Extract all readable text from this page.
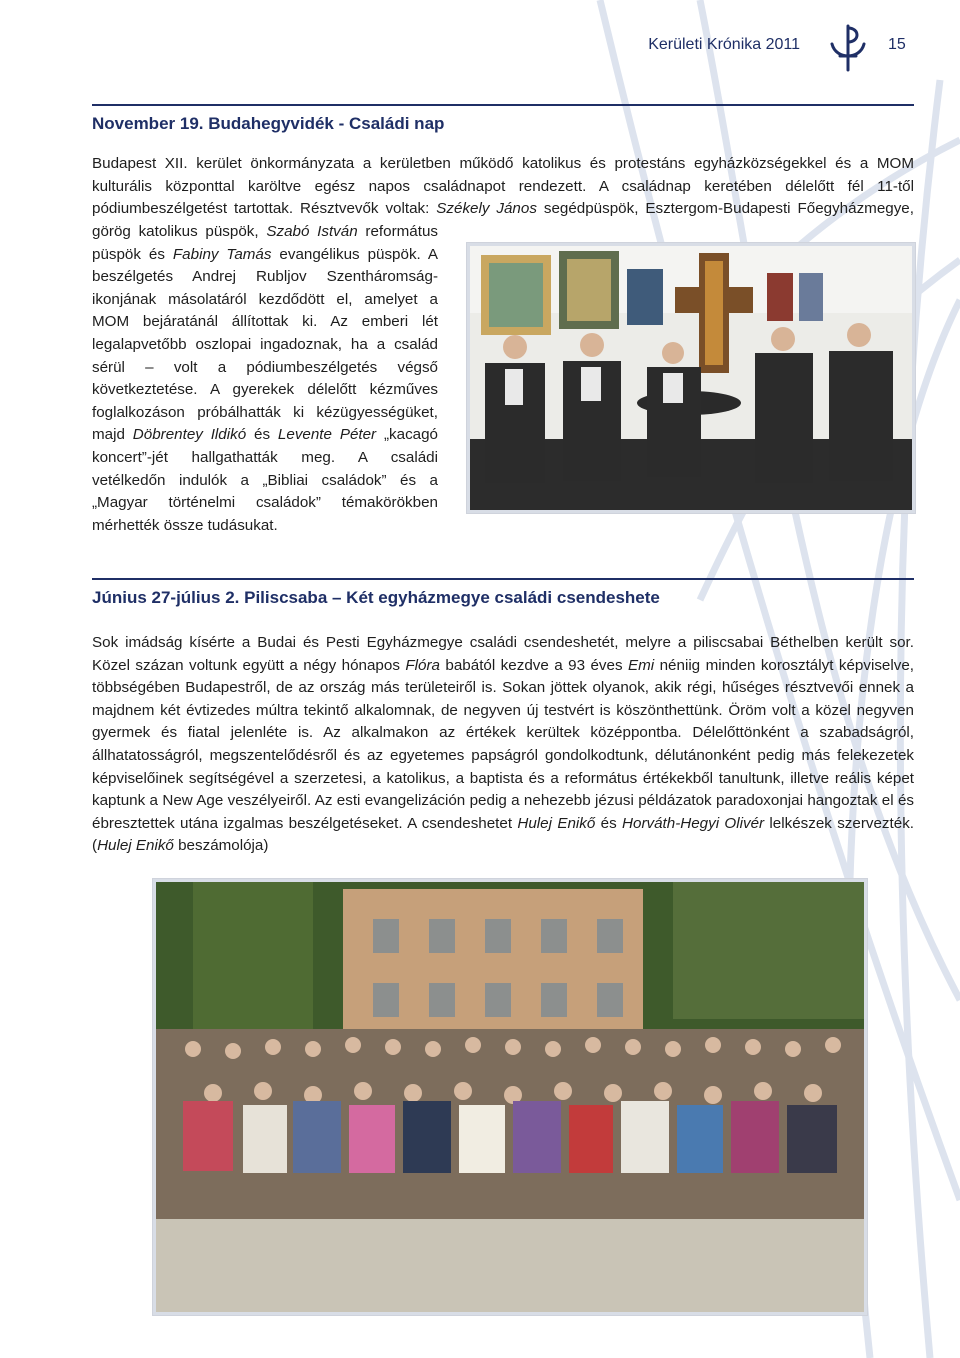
Kerületi Krónika 2011	15
November 19. Budahegyvidék - Családi nap

Budapest XII. kerület önkormányzata a kerületben működő katolikus és protestáns egyházközségekkel és a MOM kulturális központtal karöltve egész napos családnapot rendezett. A családnap keretében délelőtt fél 11-től pódiumbeszélgetést tartottak. Résztvevők voltak: Székely János segédpüspök, Esztergom-Budapesti Főegyházmegye,

görög katolikus püspök, Szabó István református püspök és Fabiny Tamás evangélikus püspök. A beszélgetés Andrej Rubljov Szentháromság-ikonjának másolatáról kezdődött el, amelyet a MOM bejáratánál állítottak ki. Az emberi lét legalapvetőbb oszlopai ingadoznak, ha a család sérül – volt a pódiumbeszélgetés végső következtetése. A gyerekek délelőtt kézműves foglalkozáson próbálhatták ki kézügyességüket, majd Döbrentey Ildikó és Levente Péter „kacagó koncert”-jét hallgathatták meg. A családi vetélkedőn indulók a „Bibliai családok” és a „Magyar történelmi családok” témakörökben mérhették össze tudásukat.

Június 27-július 2. Piliscsaba – Két egyházmegye családi csendeshete

Sok imádság kísérte a Budai és Pesti Egyházmegye családi csendeshetét, melyre a piliscsabai Béthelben került sor. Közel százan voltunk együtt a négy hónapos Flóra babától kezdve a 93 éves Emi néniig minden korosztályt képviselve, többségében Budapestről, de az ország más területeiről is. Sokan jöttek olyanok, akik régi, hűséges résztvevői ennek a majdnem két évtizedes múltra tekintő alkalomnak, de negyven új testvért is köszönthettünk. Öröm volt a közel negyven gyermek és fiatal jelenléte is. Az alkalmakon az értékek kerültek középpontba. Délelőttönként a szabadságról, állhatatosságról, megszentelődésről és az egyetemes papságról gondolkodtunk, délutánonként pedig más felekezetek képviselőinek segítségével a szerzetesi, a katolikus, a baptista és a református értékekből tanultunk, illetve reális képet kaptunk a New Age veszélyeiről. Az esti evangelizáción pedig a nehezebb jézusi példázatok paradoxonjai hangoztak el és ébresztettek utána izgalmas beszélgetéseket. A csendeshetet Hulej Enikő és Horváth-Hegyi Olivér lelkészek szervezték. (Hulej Enikő beszámolója)
